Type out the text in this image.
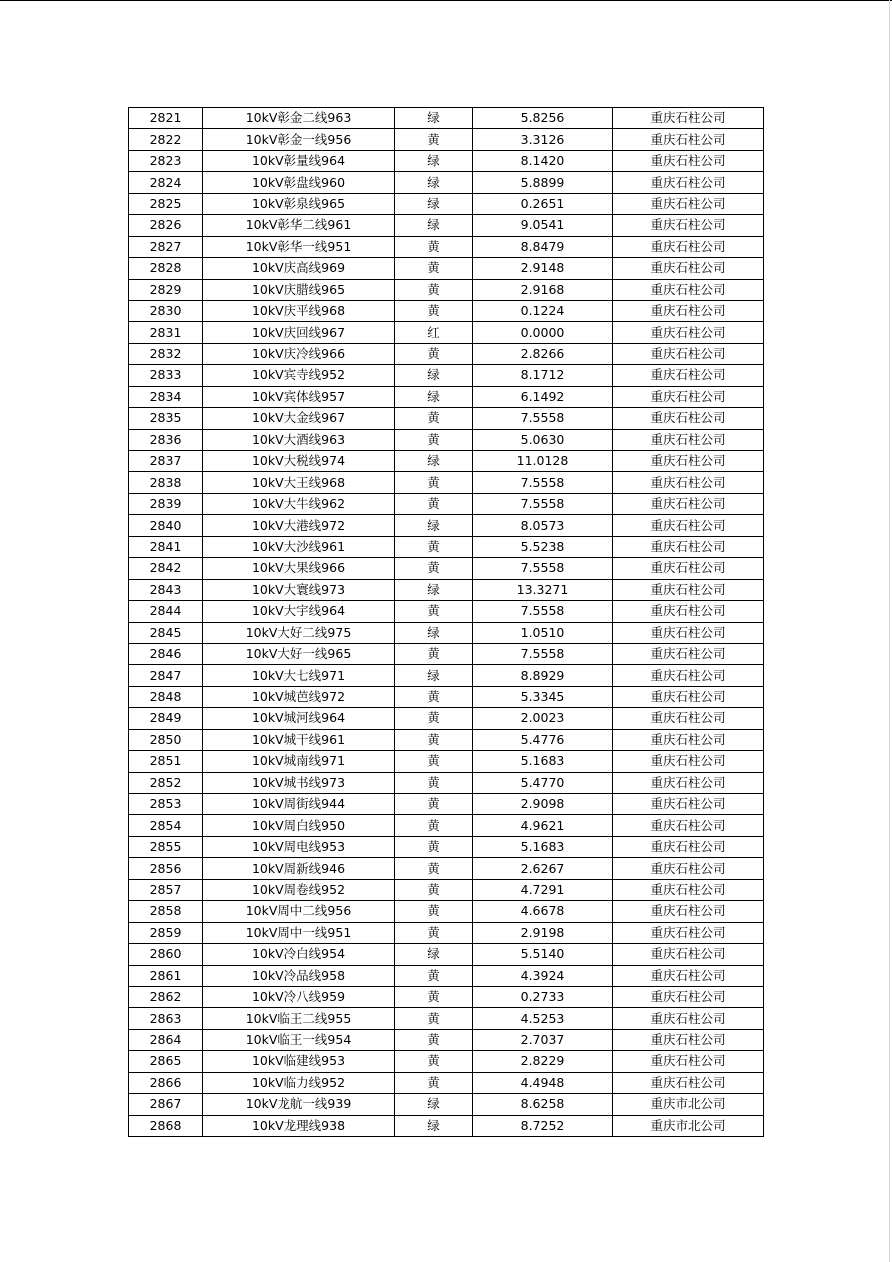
2821	10kV彰金二线963	绿	5.8256	重庆石柱公司
2822	10kV彰金一线956	黄	3.3126	重庆石柱公司
2823	10kV彰量线964	绿	8.1420	重庆石柱公司
2824	10kV彰盘线960	绿	5.8899	重庆石柱公司
2825	10kV彰泉线965	绿	0.2651	重庆石柱公司
2826	10kV彰华二线961	绿	9.0541	重庆石柱公司
2827	10kV彰华一线951	黄	8.8479	重庆石柱公司
2828	10kV庆高线969	黄	2.9148	重庆石柱公司
2829	10kV庆腊线965	黄	2.9168	重庆石柱公司
2830	10kV庆平线968	黄	0.1224	重庆石柱公司
2831	10kV庆回线967	红	0.0000	重庆石柱公司
2832	10kV庆冷线966	黄	2.8266	重庆石柱公司
2833	10kV宾寺线952	绿	8.1712	重庆石柱公司
2834	10kV宾体线957	绿	6.1492	重庆石柱公司
2835	10kV大金线967	黄	7.5558	重庆石柱公司
2836	10kV大酒线963	黄	5.0630	重庆石柱公司
2837	10kV大税线974	绿	11.0128	重庆石柱公司
2838	10kV大王线968	黄	7.5558	重庆石柱公司
2839	10kV大牛线962	黄	7.5558	重庆石柱公司
2840	10kV大港线972	绿	8.0573	重庆石柱公司
2841	10kV大沙线961	黄	5.5238	重庆石柱公司
2842	10kV大果线966	黄	7.5558	重庆石柱公司
2843	10kV大寰线973	绿	13.3271	重庆石柱公司
2844	10kV大宇线964	黄	7.5558	重庆石柱公司
2845	10kV大好二线975	绿	1.0510	重庆石柱公司
2846	10kV大好一线965	黄	7.5558	重庆石柱公司
2847	10kV大七线971	绿	8.8929	重庆石柱公司
2848	10kV城芭线972	黄	5.3345	重庆石柱公司
2849	10kV城河线964	黄	2.0023	重庆石柱公司
2850	10kV城干线961	黄	5.4776	重庆石柱公司
2851	10kV城南线971	黄	5.1683	重庆石柱公司
2852	10kV城书线973	黄	5.4770	重庆石柱公司
2853	10kV周街线944	黄	2.9098	重庆石柱公司
2854	10kV周白线950	黄	4.9621	重庆石柱公司
2855	10kV周电线953	黄	5.1683	重庆石柱公司
2856	10kV周新线946	黄	2.6267	重庆石柱公司
2857	10kV周卷线952	黄	4.7291	重庆石柱公司
2858	10kV周中二线956	黄	4.6678	重庆石柱公司
2859	10kV周中一线951	黄	2.9198	重庆石柱公司
2860	10kV冷白线954	绿	5.5140	重庆石柱公司
2861	10kV冷品线958	黄	4.3924	重庆石柱公司
2862	10kV冷八线959	黄	0.2733	重庆石柱公司
2863	10kV临王二线955	黄	4.5253	重庆石柱公司
2864	10kV临王一线954	黄	2.7037	重庆石柱公司
2865	10kV临建线953	黄	2.8229	重庆石柱公司
2866	10kV临力线952	黄	4.4948	重庆石柱公司
2867	10kV龙航一线939	绿	8.6258	重庆市北公司
2868	10kV龙理线938	绿	8.7252	重庆市北公司
